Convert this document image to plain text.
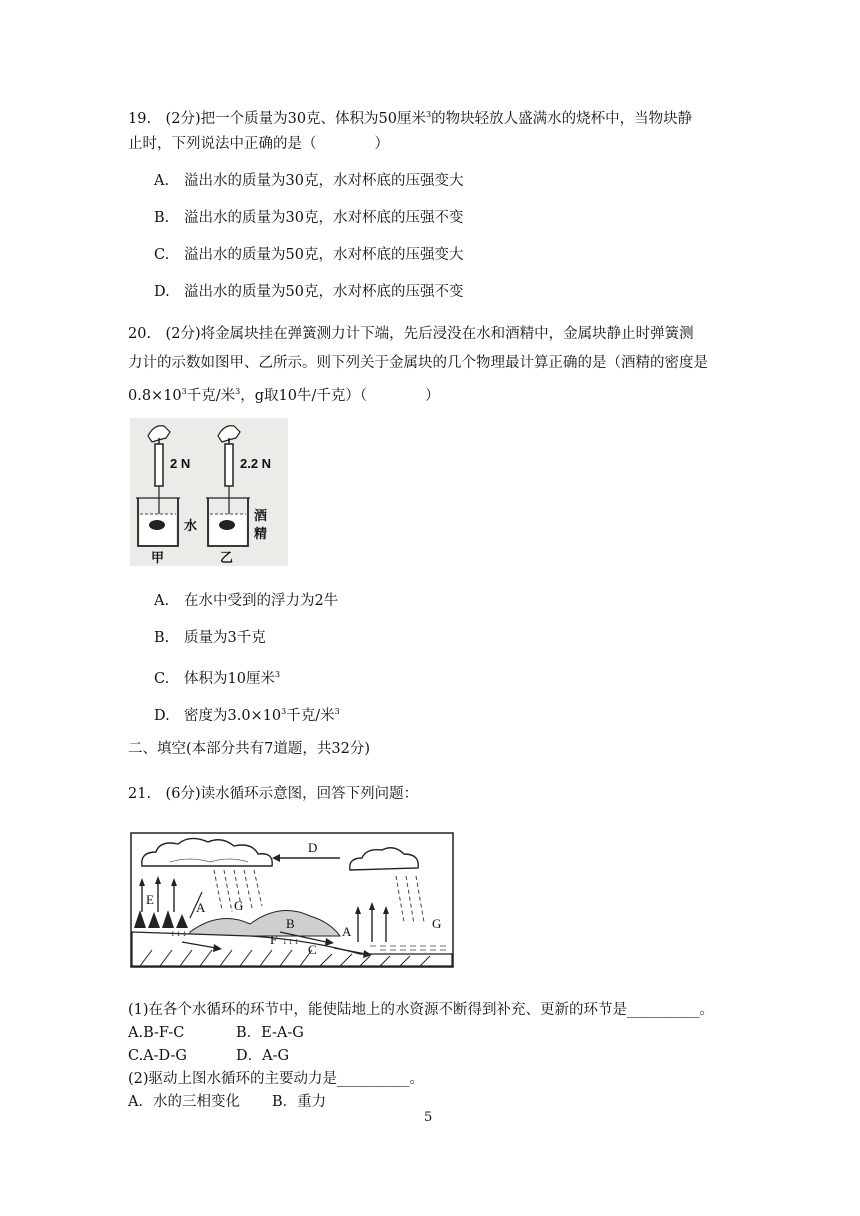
19.　(2分)把一个质量为30克、体积为50厘米$^3$的物块轻放人盛满水的烧杯中，当物块静
止时，下列说法中正确的是（　　　　）
A. 溢出水的质量为30克，水对杯底的压强变大
B. 溢出水的质量为30克，水对杯底的压强不变
C. 溢出水的质量为50克，水对杯底的压强变大
D. 溢出水的质量为50克，水对杯底的压强不变
20.　(2分)将金属块挂在弹簧测力计下端，先后浸没在水和酒精中，金属块静止时弹簧测
力计的示数如图甲、乙所示。则下列关于金属块的几个物理最计算正确的是（酒精的密度是
$0.8\times 10^3$千克/米$^3$，g取10牛/千克）（　　　　）
2 N
水
甲
2.2 N
酒
精
乙
A. 在水中受到的浮力为2牛
B. 质量为3千克
C. 体积为10厘米$^3$
D. 密度为$3.0\times 10^3$千克/米$^3$
二、填空(本部分共有7道题，共32分)
21.　(6分)读水循环示意图，回答下列问题：
D
G
G
E
A
A
B
C
F ↓↓↓
↓↓↓
(1)在各个水循环的环节中，能使陆地上的水资源不断得到补充、更新的环节是__________。
A.B-F-C	B．E-A-G
C.A-D-G	D．A-G
(2)驱动上图水循环的主要动力是__________。
A．水的三相变化 B．重力
5
